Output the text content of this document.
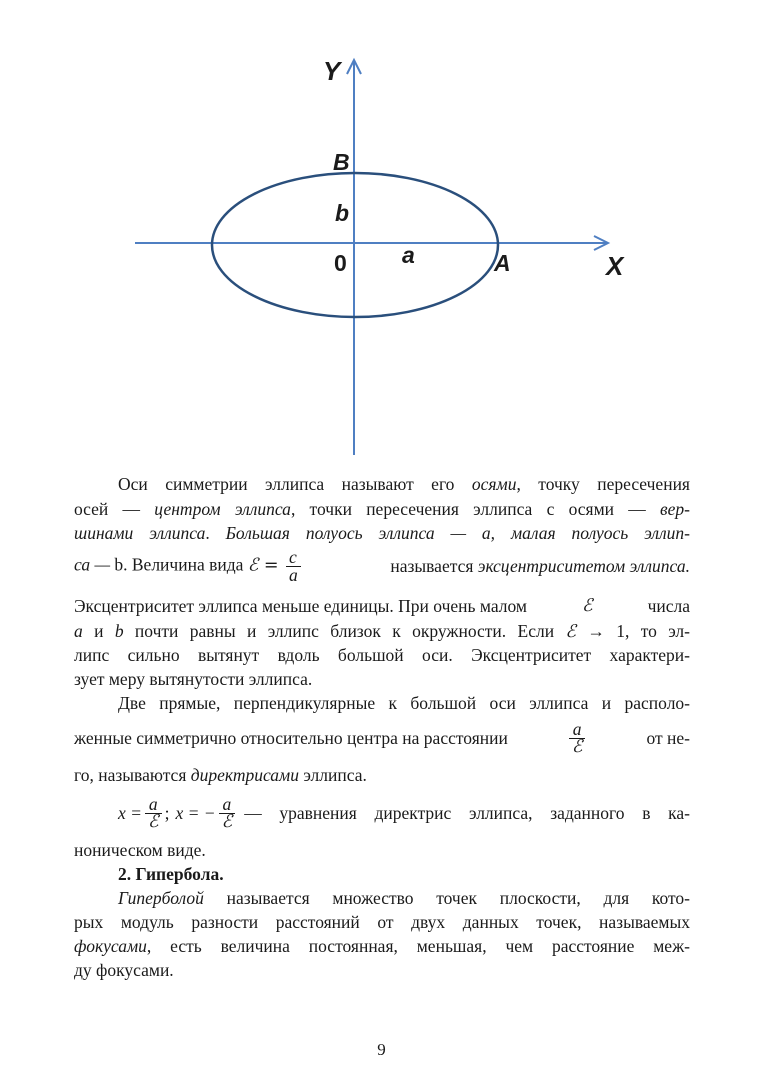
Y
X
B
b
0 a	A
Оси симметрии эллипса называют его осями, точку пересечения
осей — центром эллипса, точки пересечения эллипса с осями — вер-
шинами эллипса. Большая полуось эллипса — a, малая полуось эллип-
са — b. Величина вида ℰ = $\frac{c}{a}$	называется эксцентриситетом эллипса.
Эксцентриситет эллипса меньше единицы. При очень малом	ℰ	числа
a и b почти равны и эллипс близок к окружности. Если ℰ → 1, то эл-
липс сильно вытянут вдоль большой оси. Эксцентриситет характери-
зует меру вытянутости эллипса.
Две прямые, перпендикулярные к большой оси эллипса и располо-
женные симметрично относительно центра на расстоянии	$\frac{a}{\text{ℰ}}$	от не-
го, называются директрисами эллипса.
$x = \frac{a}{\text{ℰ}}$ ; x = − $\frac{a}{\text{ℰ}}$ — уравнения директрис эллипса, заданного в ка-
ноническом виде.
2. Гипербола.
Гиперболой называется множество точек плоскости, для кото-
рых модуль разности расстояний от двух данных точек, называемых
фокусами, есть величина постоянная, меньшая, чем расстояние меж-
ду фокусами.
9
